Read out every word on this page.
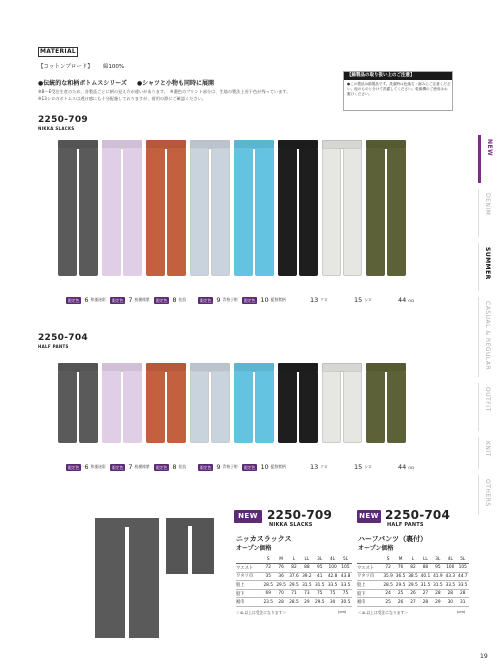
MATERIAL
【コットンブロード】 綿100%
●伝統的な和柄ボトムスシリーズ ●シャツと小物も同時に展開
※B〜E受注生産のため、各製品ごとに柄の見え方が違いがあります。　※濃色のプリント部分は、生地の製法上若干色が残っています。
※13シロのボトムスは透け感にも十分配慮しておりますが、着用の際にご確認ください。
【綿製品の取り扱い上のご注意】
●この製品は綿製品です。洗濯時は色落ち・縮みにご注意ください。他のものと分けて洗濯してください。乾燥機のご使用はお避けください。
NEW
DENIM
SUMMER
CASUAL & REGULAR
OUTFIT
KNIT
OTHERS
2250-709
NIKKA SLACKS
限定色 6 和風迷彩	限定色 7 桜模様紫	限定色 8 花紋	限定色 9 青格子紺	限定色 10 藍鮮紫柄	13 クロ	15 シロ	44 OD
2250-704
HALF PANTS
限定色 6 和風迷彩	限定色 7 桜模様紫	限定色 8 花紋	限定色 9 青格子紺	限定色 10 藍鮮紫柄	13 クロ	15 シロ	44 OD
NEW 2250-709
NIKKA SLACKS
ニッカスラックス
オープン価格
	S	M	L	LL	3L	4L	5L
ウエスト	72	76	82	88	95	100	105
ワタリ巾	35	36	37.6	39.2	41	42.8	43.8
股上	28.5	29.5	29.5	31.5	31.5	33.5	33.5
股下	69	70	71	73	75	75	75
裾巾	23.5	28	28.5	29	29.5	30	30.5
＜4L以上は受注になります＞	(cm)
NEW 2250-704
HALF PANTS
ハーフパンツ（裏付）
オープン価格
	S	M	L	LL	3L	4L	5L
ウエスト	72	76	82	88	95	100	105
ワタリ巾	35.9	36.5	38.5	40.1	41.9	43.3	44.7
股上	28.5	29.5	29.5	31.5	31.5	33.5	33.5
股下	24	25	26	27	28	28	28
裾巾	25	26	27	28	29	30	31
＜4L以上は受注になります＞	(cm)
19
